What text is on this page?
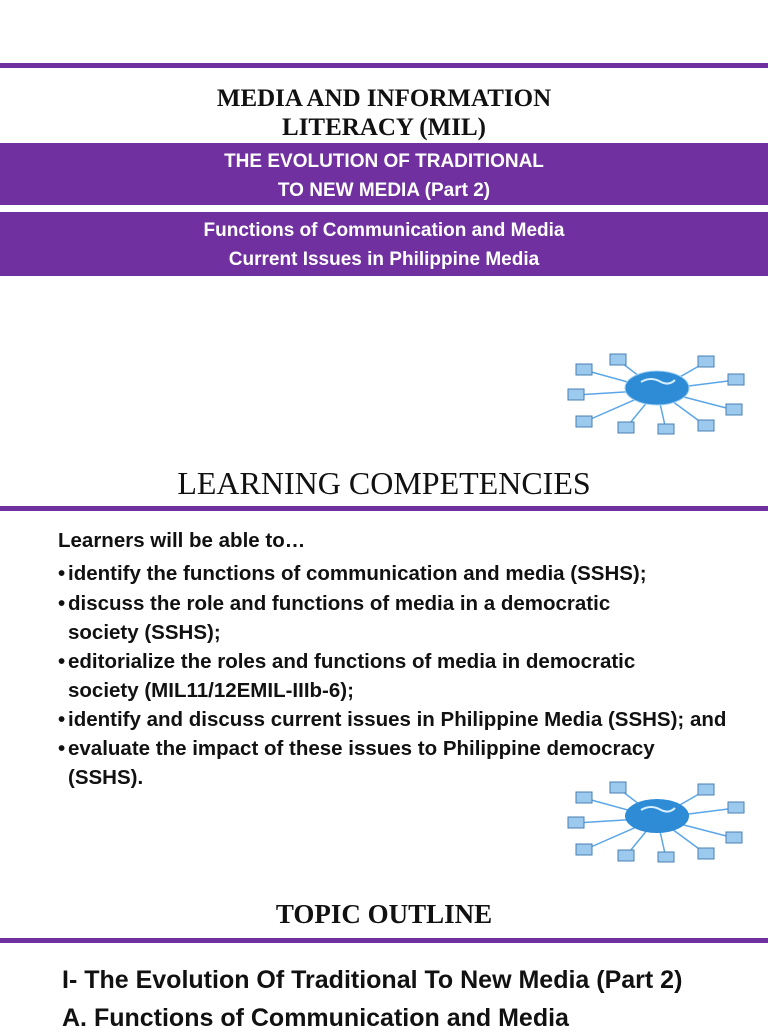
MEDIA AND INFORMATION
LITERACY (MIL)
THE EVOLUTION OF TRADITIONAL
TO NEW MEDIA (Part 2)
Functions of Communication and Media
Current Issues in Philippine Media
LEARNING COMPETENCIES
Learners will be able to…
• identify the functions of communication and media (SSHS);
• discuss the role and functions of media in a democratic society (SSHS);
• editorialize the roles and functions of media in democratic society (MIL11/12EMIL-IIIb-6);
• identify and discuss current issues in Philippine Media (SSHS); and
• evaluate the impact of these issues to Philippine democracy (SSHS).
TOPIC OUTLINE
I- The Evolution Of Traditional To New Media (Part 2)
A. Functions of Communication and Media
